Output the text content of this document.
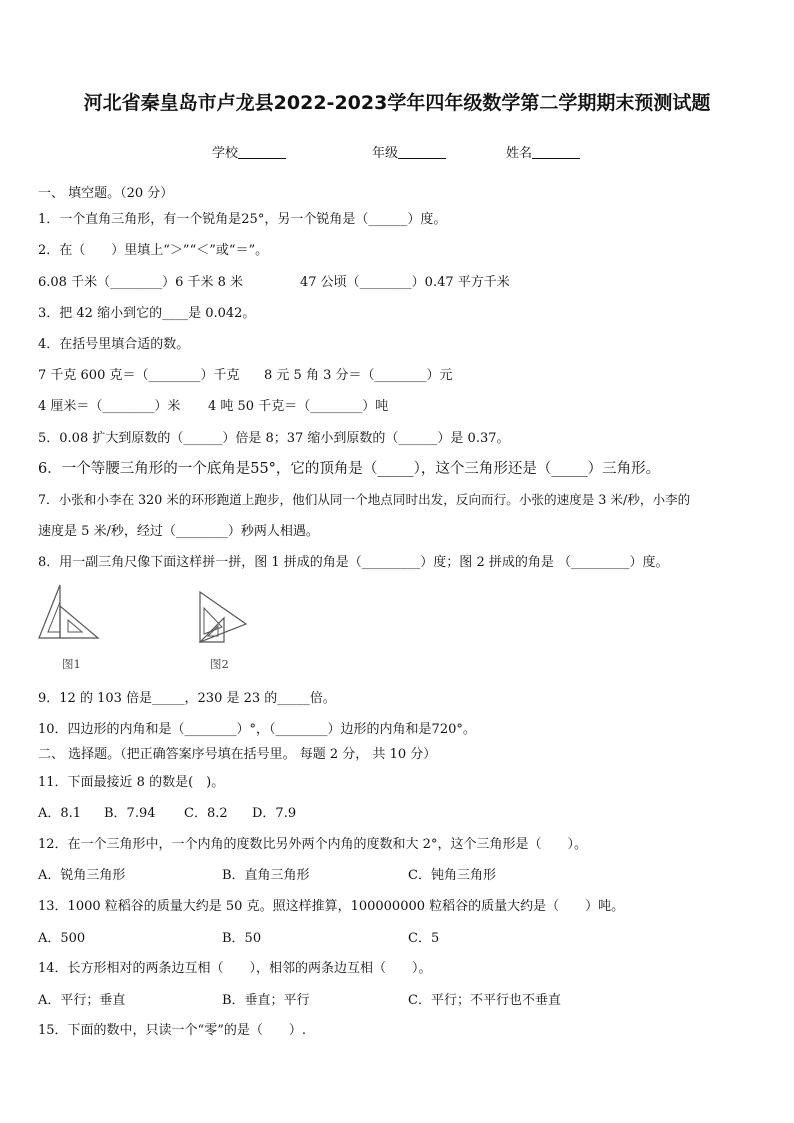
河北省秦皇岛市卢龙县2022-2023学年四年级数学第二学期期末预测试题
学校	年级	姓名
一、 填空题。（20 分）
1．一个直角三角形，有一个锐角是25°，另一个锐角是（______）度。
2．在（　　）里填上“＞”“＜”或“＝”。
6.08 千米（________）6 千米 8 米	47 公顷（________）0.47 平方千米
3．把 42 缩小到它的____是 0.042。
4．在括号里填合适的数。
7 千克 600 克＝（________）千克 8 元 5 角 3 分＝（________）元
4 厘米＝（________）米 4 吨 50 千克＝（________）吨
5．0.08 扩大到原数的（______）倍是 8；37 缩小到原数的（______）是 0.37。
6．一个等腰三角形的一个底角是55°，它的顶角是（_____），这个三角形还是（_____）三角形。
7．小张和小李在 320 米的环形跑道上跑步，他们从同一个地点同时出发，反向而行。小张的速度是 3 米/秒，小李的
速度是 5 米/秒，经过（________）秒两人相遇。
8．用一副三角尺像下面这样拼一拼，图 1 拼成的角是（_________）度；图 2 拼成的角是 （_________）度。
图1	图2
9．12 的 103 倍是_____，230 是 23 的_____倍。
10．四边形的内角和是（________）°，（________）边形的内角和是720°。
二、 选择题。（把正确答案序号填在括号里。 每题 2 分， 共 10 分）
11．下面最接近 8 的数是(　)。
A．8.1 B．7.94 C．8.2 D．7.9
12．在一个三角形中，一个内角的度数比另外两个内角的度数和大 2°，这个三角形是（　　）。
A．锐角三角形	B．直角三角形	C．钝角三角形
13．1000 粒稻谷的质量大约是 50 克。照这样推算，100000000 粒稻谷的质量大约是（　　）吨。
A．500	B．50	C．5
14．长方形相对的两条边互相（　　），相邻的两条边互相（　　）。
A．平行；垂直	B．垂直；平行	C．平行；不平行也不垂直
15．下面的数中，只读一个“零”的是（　　）.
